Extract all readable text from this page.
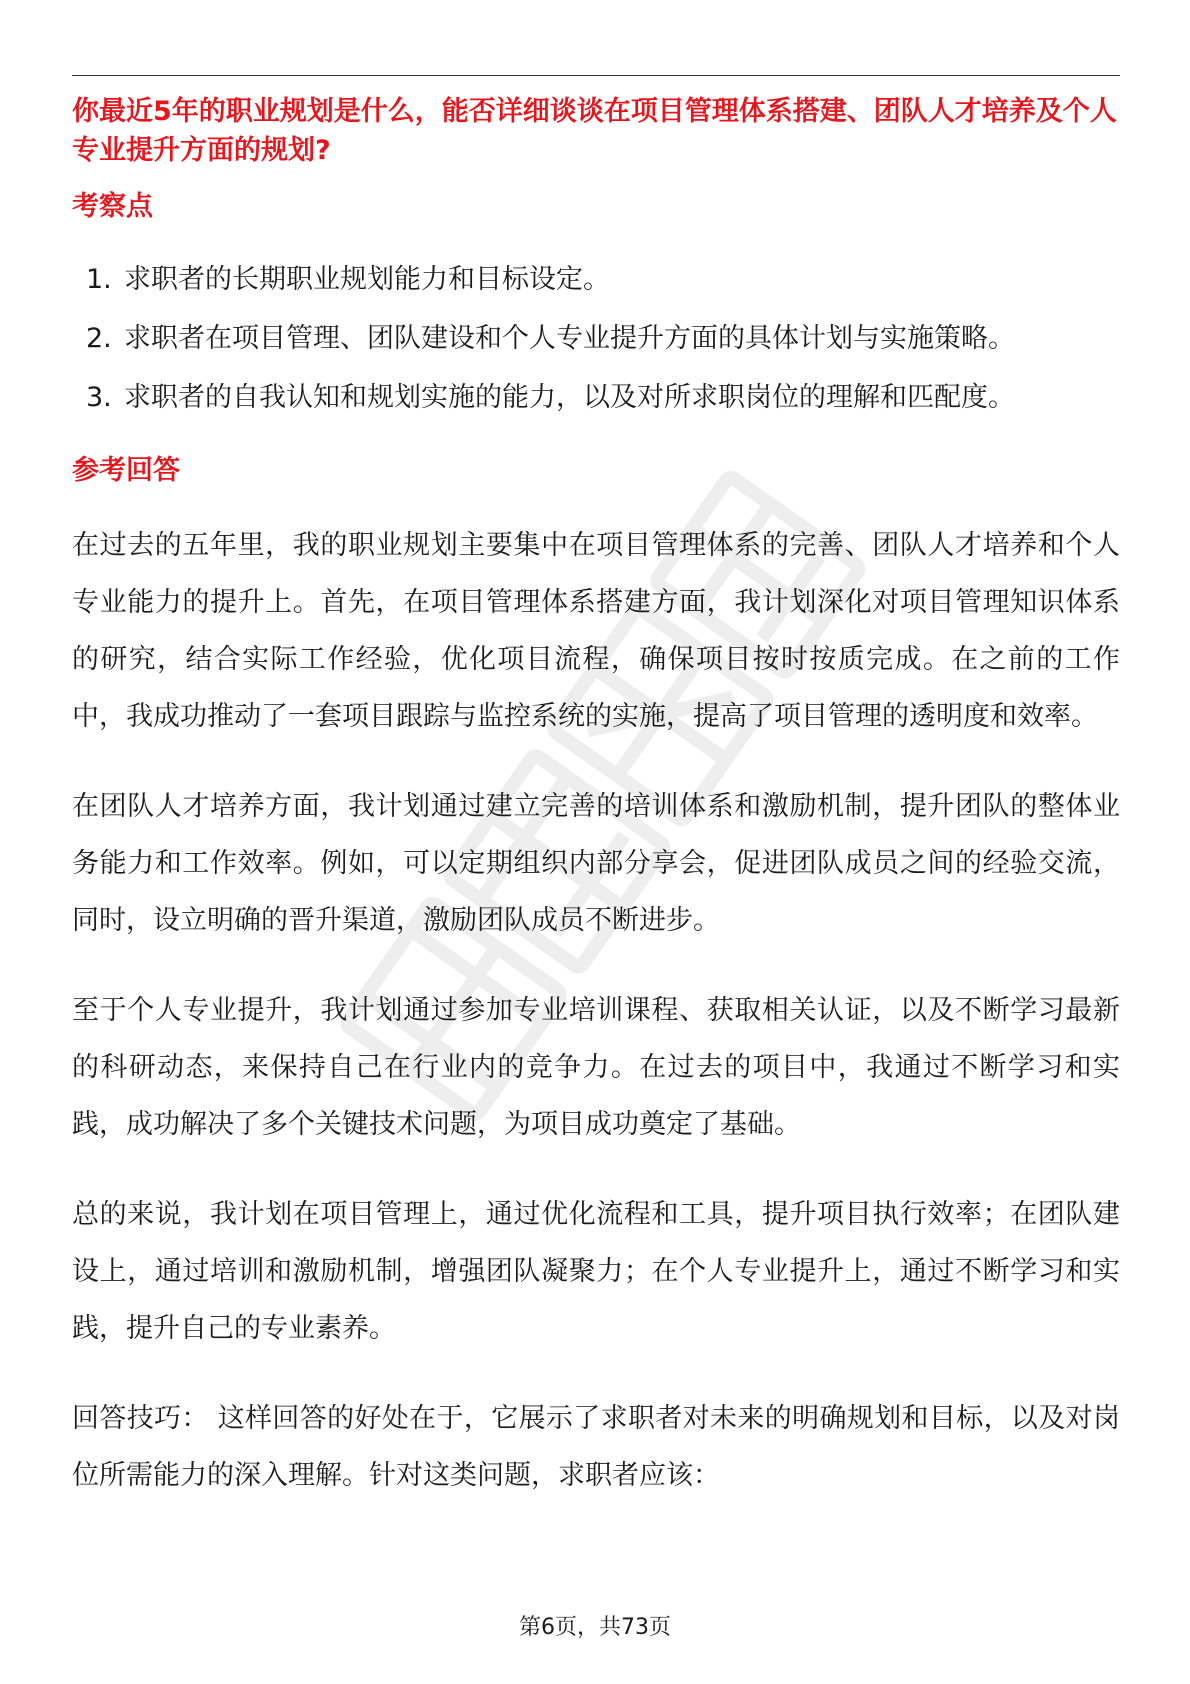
你最近5年的职业规划是什么，能否详细谈谈在项目管理体系搭建、团队人才培养及个人专业提升方面的规划?

考察点
1. 求职者的长期职业规划能力和目标设定。
2. 求职者在项目管理、团队建设和个人专业提升方面的具体计划与实施策略。
3. 求职者的自我认知和规划实施的能力，以及对所求职岗位的理解和匹配度。
参考回答

在过去的五年里，我的职业规划主要集中在项目管理体系的完善、团队人才培养和个人专业能力的提升上。首先，在项目管理体系搭建方面，我计划深化对项目管理知识体系的研究，结合实际工作经验，优化项目流程，确保项目按时按质完成。在之前的工作中，我成功推动了一套项目跟踪与监控系统的实施，提高了项目管理的透明度和效率。

在团队人才培养方面，我计划通过建立完善的培训体系和激励机制，提升团队的整体业务能力和工作效率。例如，可以定期组织内部分享会，促进团队成员之间的经验交流，同时，设立明确的晋升渠道，激励团队成员不断进步。

至于个人专业提升，我计划通过参加专业培训课程、获取相关认证，以及不断学习最新的科研动态，来保持自己在行业内的竞争力。在过去的项目中，我通过不断学习和实践，成功解决了多个关键技术问题，为项目成功奠定了基础。

总的来说，我计划在项目管理上，通过优化流程和工具，提升项目执行效率；在团队建设上，通过培训和激励机制，增强团队凝聚力；在个人专业提升上，通过不断学习和实践，提升自己的专业素养。

回答技巧： 这样回答的好处在于，它展示了求职者对未来的明确规划和目标，以及对岗位所需能力的深入理解。针对这类问题，求职者应该：

第6页，共73页
